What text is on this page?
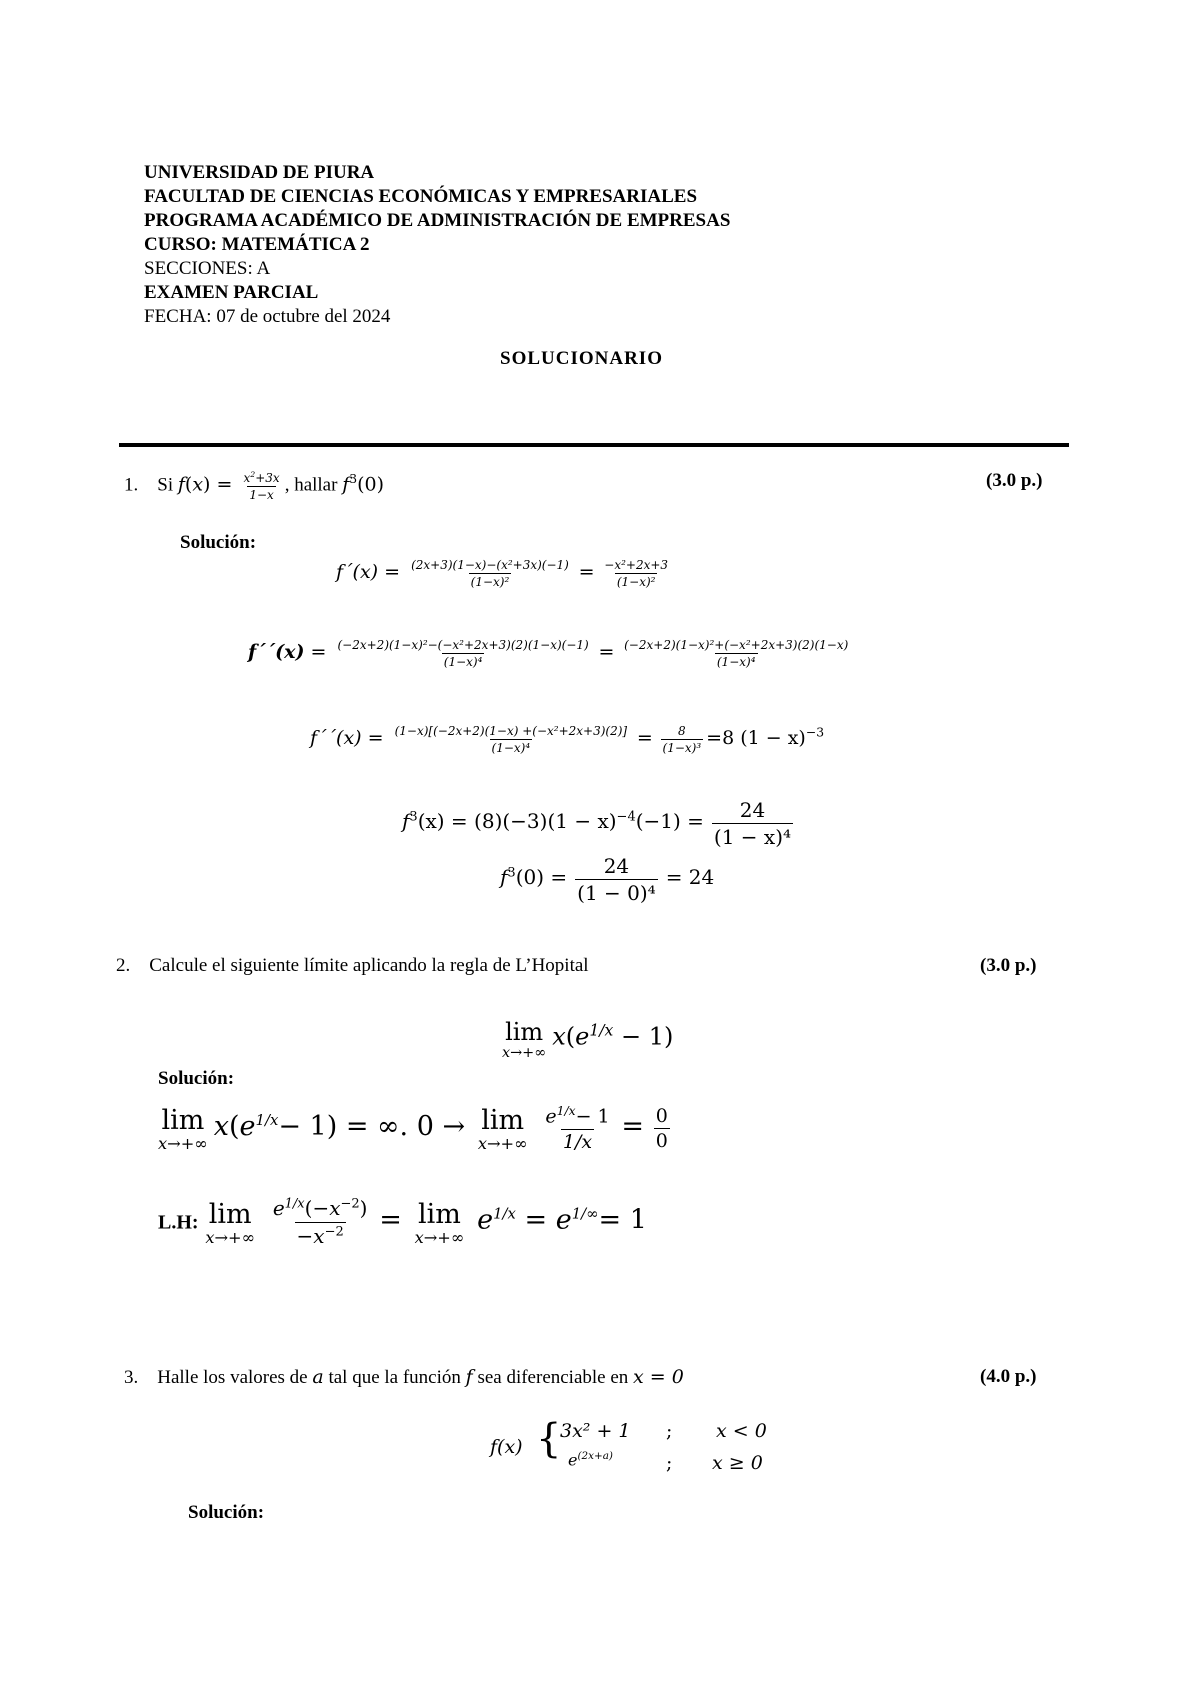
UNIVERSIDAD DE PIURA
FACULTAD DE CIENCIAS ECONÓMICAS Y EMPRESARIALES
PROGRAMA ACADÉMICO DE ADMINISTRACIÓN DE EMPRESAS
CURSO: MATEMÁTICA 2
SECCIONES: A
EXAMEN PARCIAL
FECHA: 07 de octubre del 2024
SOLUCIONARIO
1. Si $f(x) = \frac{x^2+3x}{1-x}$ , hallar $f^3(0)$	(3.0 p.)
Solución:
f´(x) = $\frac{\text{(2x+3)(1−x)−(x²+3x)(−1)}}{\text{(1−x)²}} = \frac{\text{−x²+2x+3}}{\text{(1−x)²}}$
f´´(x) = $\frac{\text{(−2x+2)(1−x)²−(−x²+2x+3)(2)(1−x)(−1)}}{\text{(1−x)⁴}} = \frac{\text{(−2x+2)(1−x)²+(−x²+2x+3)(2)(1−x)}}{\text{(1−x)⁴}}$
f´´(x) = $\frac{\text{(1−x)[(−2x+2)(1−x) +(−x²+2x+3)(2)]}}{\text{(1−x)⁴}} = \frac{8}{\text{(1−x)³}} =8$ $(1 - x)^{-3}$
$f^3(x) = (8)(-3)(1 - x)^{-4}(-1) = \frac{24}{\text{(1 − x)⁴}}$
$f^3(0) = \frac{24}{\text{(1 − 0)⁴}} = 24$
2. Calcule el siguiente límite aplicando la regla de L’Hopital	(3.0 p.)
lim
x→+∞
$x(e^{1/x} - 1)$
Solución:
lim
x→+∞
$x(e^{1/x}- 1)$ = ∞. 0 → lim
x→+∞
$\frac{e^{1/x}- 1}{1/x} = \frac{0}{0}$
L.H: lim
x→+∞
$\frac{e^{1/x}(-x^{-2})}{-x^{-2}} = \lim$
x→+∞
$e^{1/x} = e^{1/\infty}= 1$
3. Halle los valores de a tal que la función f sea diferenciable en x = 0	(4.0 p.)
f(x) {
3x² + 1 ; x < 0
$e^{(2x+a)}$	; x ≥ 0
Solución:
